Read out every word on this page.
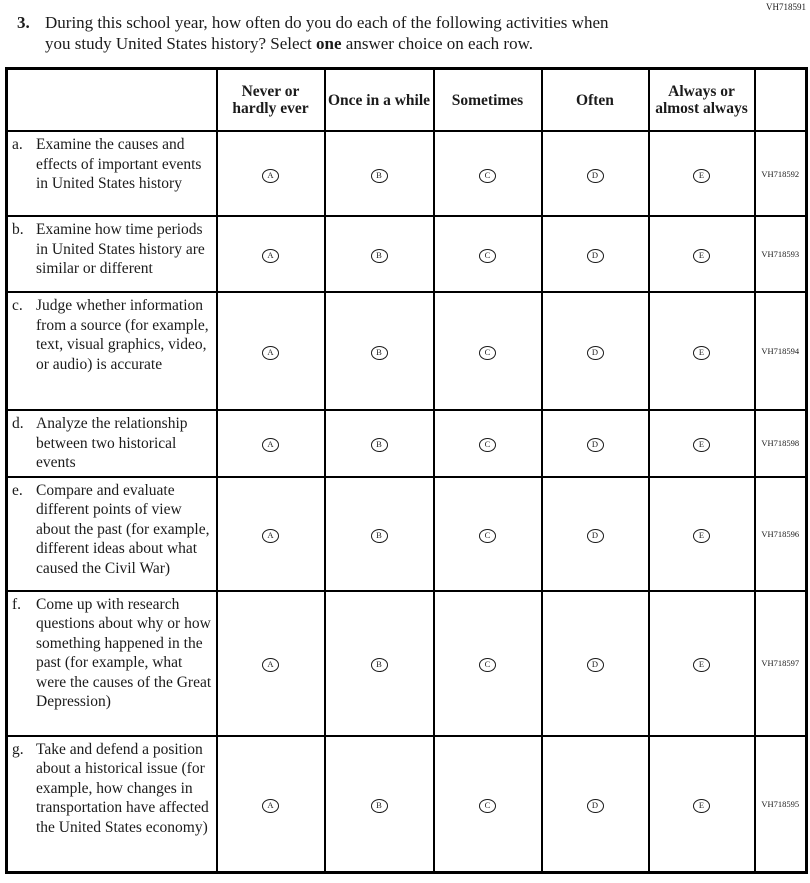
VH718591
3. During this school year, how often do you do each of the following activities when
you study United States history? Select one answer choice on each row.
	Never or hardly ever	Once in a while	Sometimes	Often	Always or almost always	

a. Examine the causes and effects of important events in United States history	A	B	C	D	E	VH718592

b. Examine how time periods in United States history are similar or different	A	B	C	D	E	VH718593

c. Judge whether information from a source (for example, text, visual graphics, video, or audio) is accurate	A	B	C	D	E	VH718594

d. Analyze the relationship between two historical events	A	B	C	D	E	VH718598

e. Compare and evaluate different points of view about the past (for example, different ideas about what caused the Civil War)	A	B	C	D	E	VH718596

f. Come up with research questions about why or how something happened in the past (for example, what were the causes of the Great Depression)	A	B	C	D	E	VH718597

g. Take and defend a position about a historical issue (for example, how changes in transportation have affected the United States economy)	A	B	C	D	E	VH718595
